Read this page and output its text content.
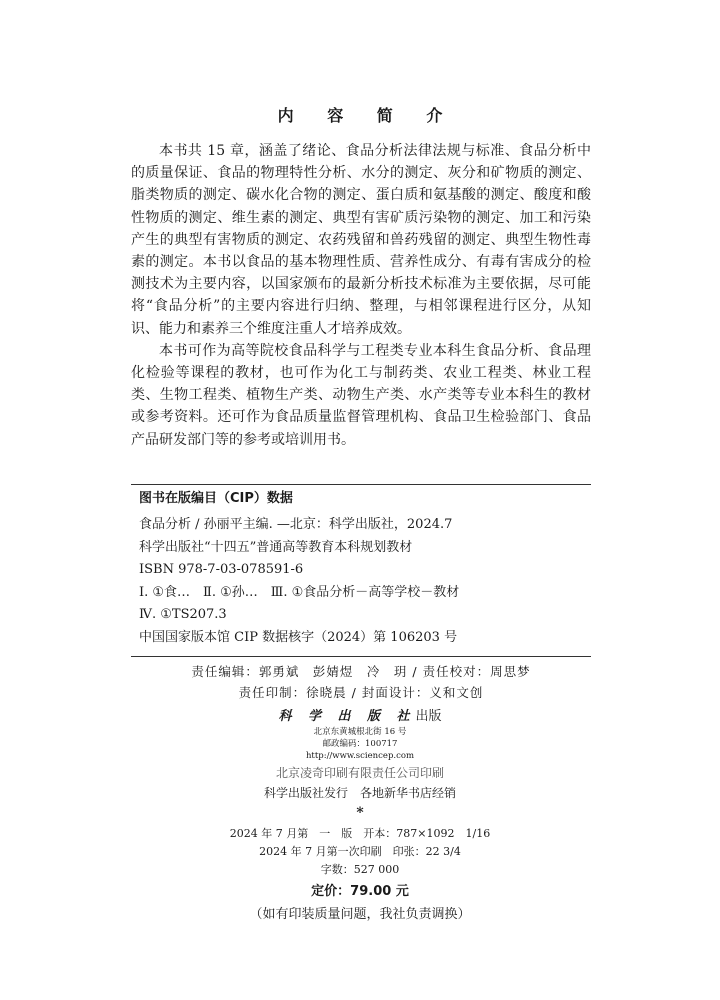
内 容 简 介

本书共 15 章，涵盖了绪论、食品分析法律法规与标准、食品分析中的质量保证、食品的物理特性分析、水分的测定、灰分和矿物质的测定、脂类物质的测定、碳水化合物的测定、蛋白质和氨基酸的测定、酸度和酸性物质的测定、维生素的测定、典型有害矿质污染物的测定、加工和污染产生的典型有害物质的测定、农药残留和兽药残留的测定、典型生物性毒素的测定。本书以食品的基本物理性质、营养性成分、有毒有害成分的检测技术为主要内容，以国家颁布的最新分析技术标准为主要依据，尽可能将“食品分析”的主要内容进行归纳、整理，与相邻课程进行区分，从知识、能力和素养三个维度注重人才培养成效。

本书可作为高等院校食品科学与工程类专业本科生食品分析、食品理化检验等课程的教材，也可作为化工与制药类、农业工程类、林业工程类、生物工程类、植物生产类、动物生产类、水产类等专业本科生的教材或参考资料。还可作为食品质量监督管理机构、食品卫生检验部门、食品产品研发部门等的参考或培训用书。

图书在版编目（CIP）数据
食品分析 / 孙丽平主编. —北京：科学出版社，2024.7
科学出版社“十四五”普通高等教育本科规划教材
ISBN 978-7-03-078591-6
Ⅰ. ①食…　Ⅱ. ①孙…　Ⅲ. ①食品分析－高等学校－教材
Ⅳ. ①TS207.3
中国国家版本馆 CIP 数据核字（2024）第 106203 号
责任编辑：郭勇斌　彭婧煜　冷　玥 / 责任校对：周思梦
责任印制：徐晓晨 / 封面设计：义和文创
科 学 出 版 社出版
北京东黄城根北街 16 号
邮政编码：100717
http://www.sciencep.com
北京凌奇印刷有限责任公司印刷
科学出版社发行　各地新华书店经销
*
2024 年 7 月第　一　版　开本：787×1092　1/16
2024 年 7 月第一次印刷　印张：22 3/4
字数：527 000
定价：79.00 元
（如有印装质量问题，我社负责调换）
